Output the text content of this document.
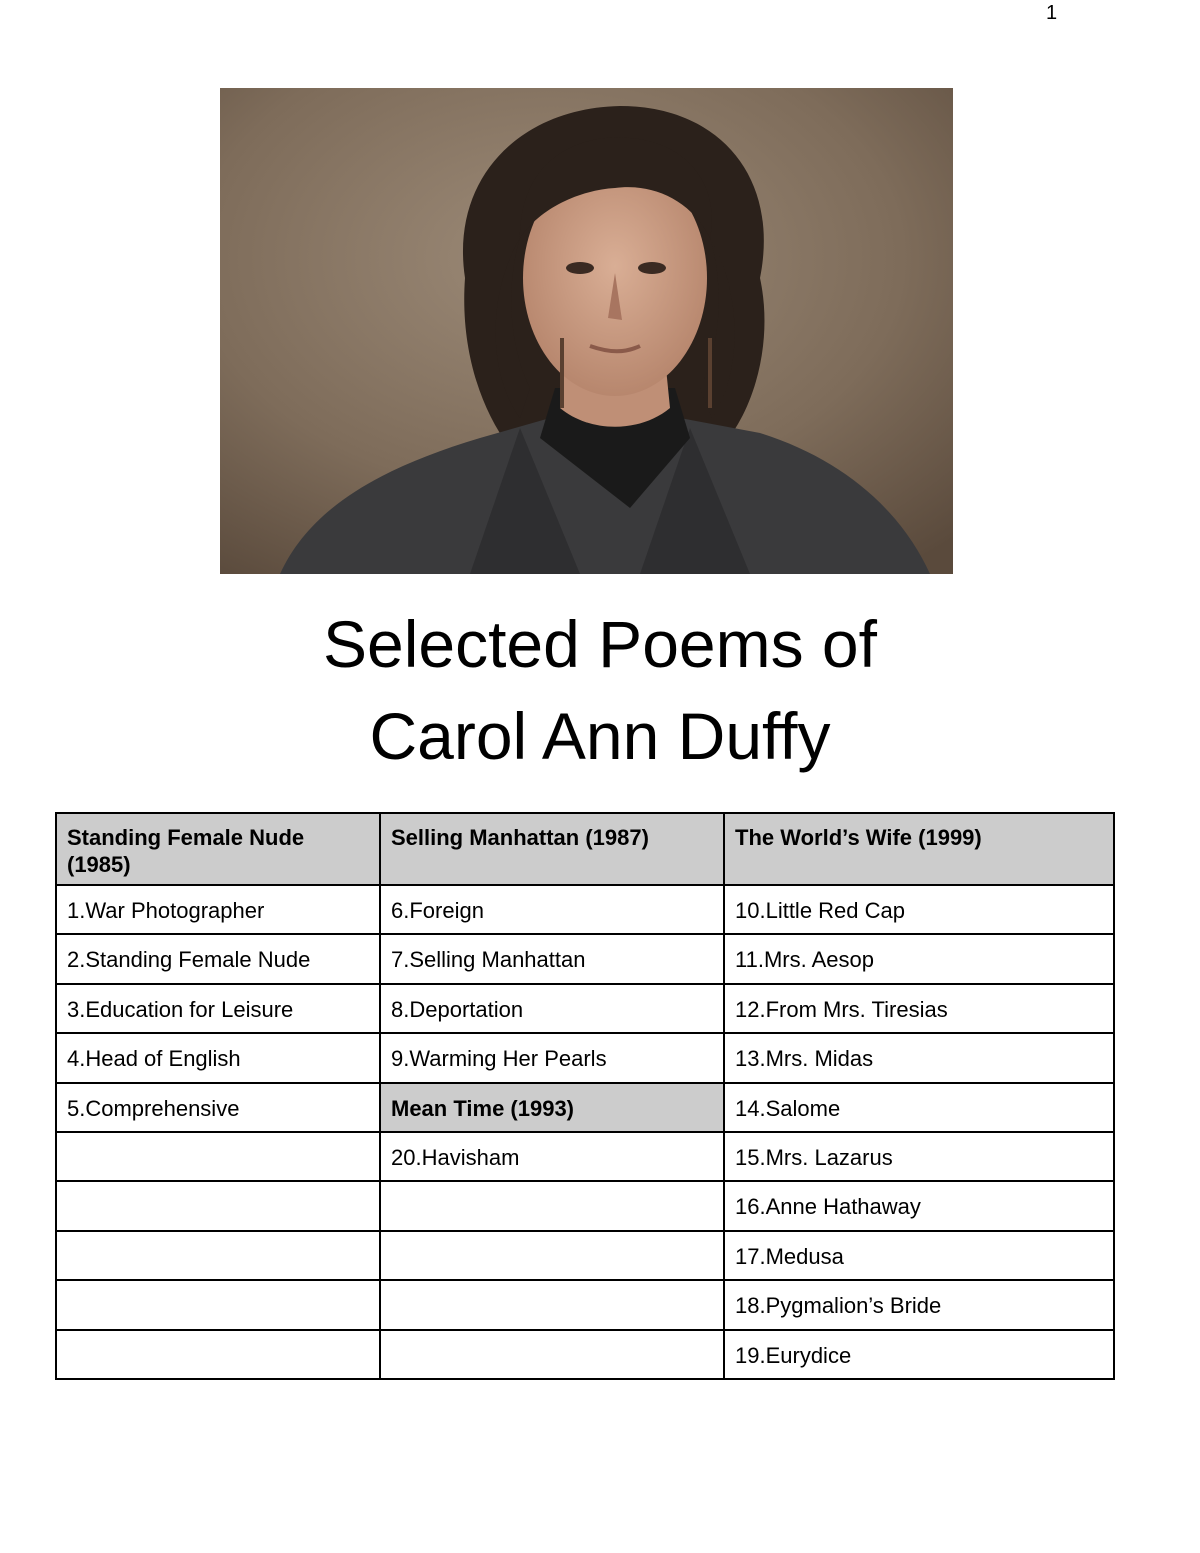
1
Selected Poems of
Carol Ann Duffy
Standing Female Nude (1985)	Selling Manhattan (1987)	The World’s Wife (1999)
1.War Photographer	6.Foreign	10.Little Red Cap
2.Standing Female Nude	7.Selling Manhattan	11.Mrs. Aesop
3.Education for Leisure	8.Deportation	12.From Mrs. Tiresias
4.Head of English	9.Warming Her Pearls	13.Mrs. Midas
5.Comprehensive	Mean Time (1993)	14.Salome
	20.Havisham	15.Mrs. Lazarus
		16.Anne Hathaway
		17.Medusa
		18.Pygmalion’s Bride
		19.Eurydice
